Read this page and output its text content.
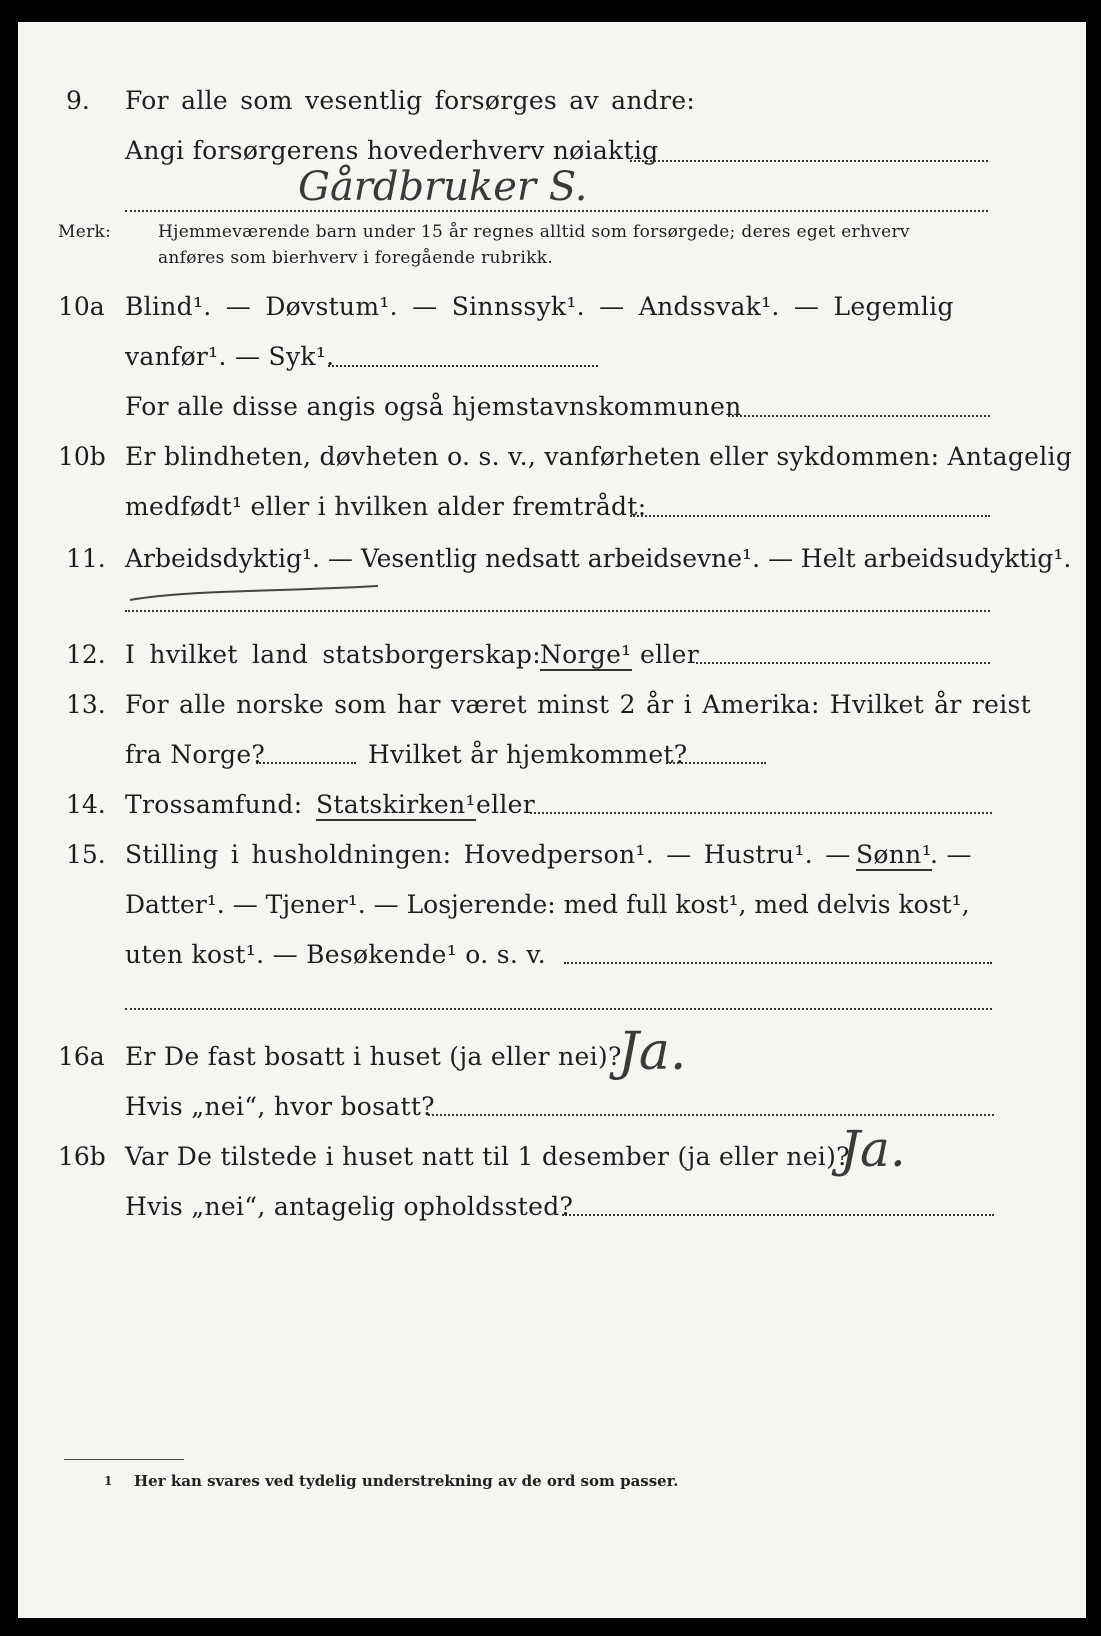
9. For alle som vesentlig forsørges av andre:
Angi forsørgerens hovederhverv nøiaktig
Gårdbruker S.
Merk:	Hjemmeværende barn under 15 år regnes alltid som forsørgede; deres eget erhverv
anføres som bierhverv i foregående rubrikk.
10a Blind¹. — Døvstum¹. — Sinnssyk¹. — Andssvak¹. — Legemlig
vanfør¹. — Syk¹.
For alle disse angis også hjemstavnskommunen
10b Er blindheten, døvheten o. s. v., vanførheten eller sykdommen: Antagelig
medfødt¹ eller i hvilken alder fremtrådt:
11. Arbeidsdyktig¹. — Vesentlig nedsatt arbeidsevne¹. — Helt arbeidsudyktig¹.
12. I hvilket land statsborgerskap: Norge¹ eller
13. For alle norske som har været minst 2 år i Amerika: Hvilket år reist
fra Norge?	Hvilket år hjemkommet?
14. Trossamfund: Statskirken¹ eller
15. Stilling i husholdningen: Hovedperson¹. — Hustru¹. — Sønn¹
. —
Datter¹. — Tjener¹. — Losjerende: med full kost¹, med delvis kost¹,
uten kost¹. — Besøkende¹ o. s. v.
16a Er De fast bosatt i huset (ja eller nei)?
Ja.
Hvis „nei“, hvor bosatt?
16b Var De tilstede i huset natt til 1 desember (ja eller nei)?
Ja.
Hvis „nei“, antagelig opholdssted?
1 Her kan svares ved tydelig understrekning av de ord som passer.
